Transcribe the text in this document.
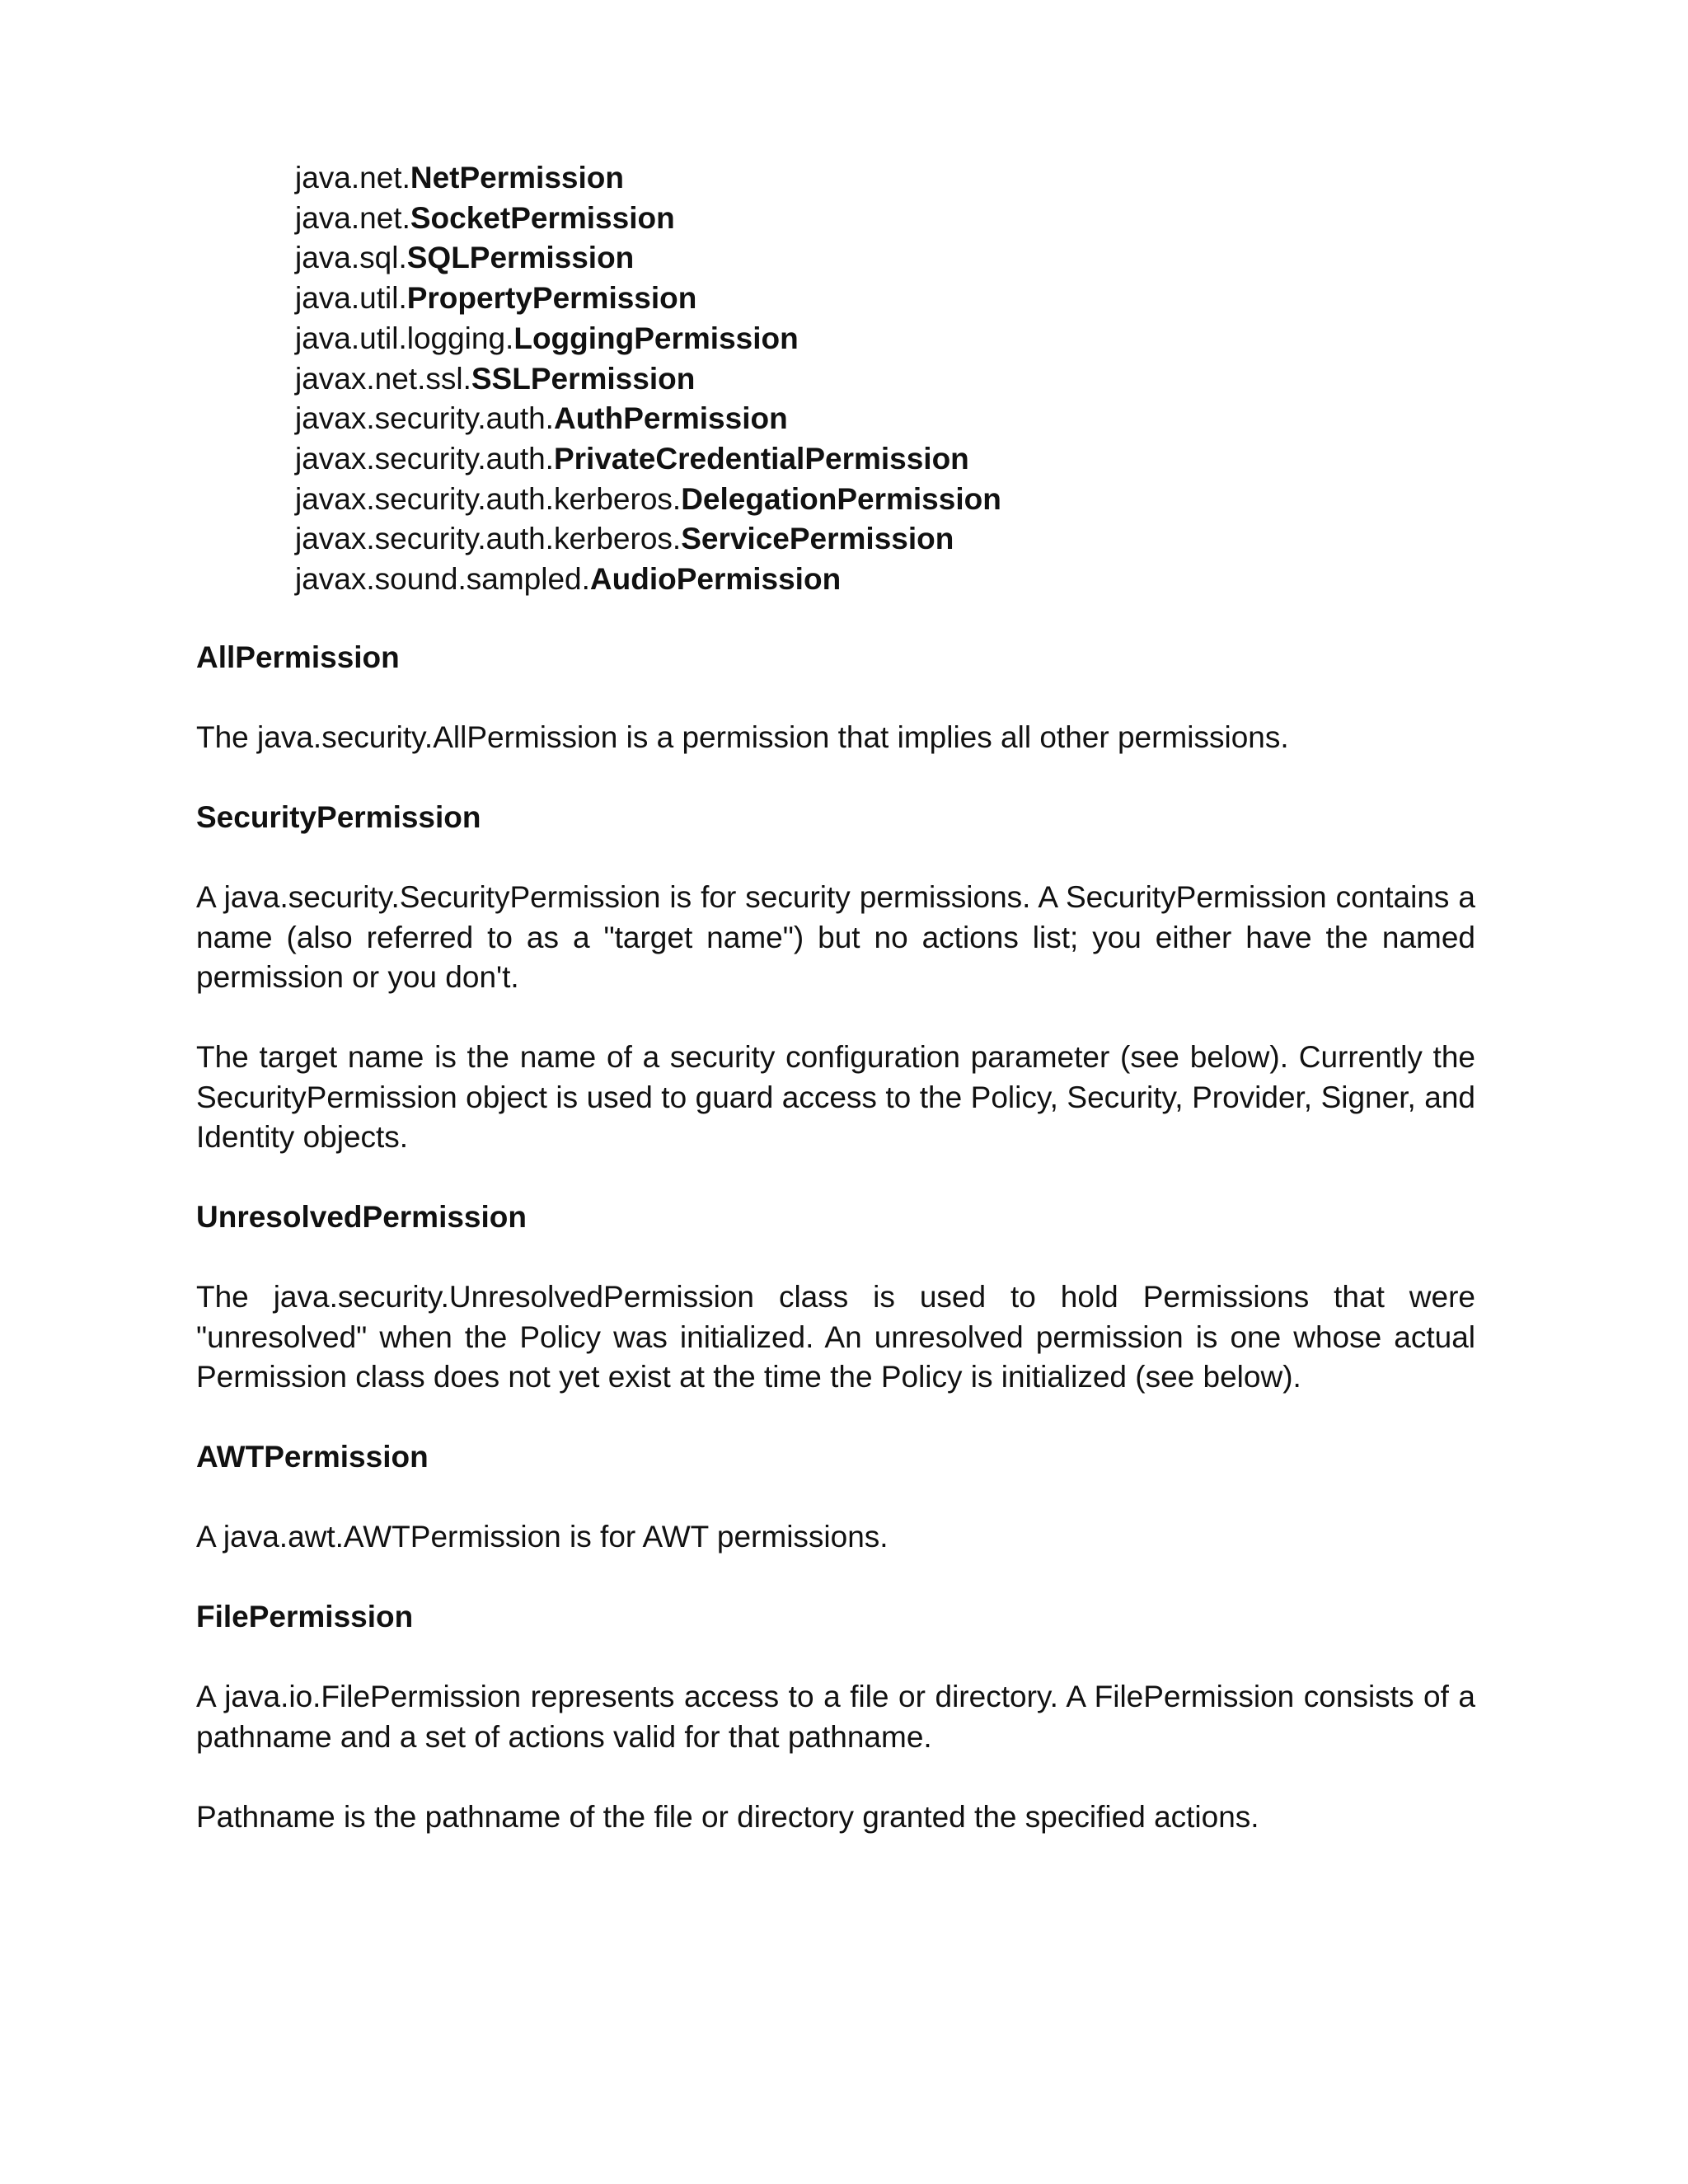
java.net.NetPermission
java.net.SocketPermission
java.sql.SQLPermission
java.util.PropertyPermission
java.util.logging.LoggingPermission
javax.net.ssl.SSLPermission
javax.security.auth.AuthPermission
javax.security.auth.PrivateCredentialPermission
javax.security.auth.kerberos.DelegationPermission
javax.security.auth.kerberos.ServicePermission
javax.sound.sampled.AudioPermission
AllPermission

The java.security.AllPermission is a permission that implies all other permissions.

SecurityPermission

A java.security.SecurityPermission is for security permissions. A SecurityPermission contains a name (also referred to as a "target name") but no actions list; you either have the named permission or you don't.

The target name is the name of a security configuration parameter (see below). Currently the SecurityPermission object is used to guard access to the Policy, Security, Provider, Signer, and Identity objects.

UnresolvedPermission

The java.security.UnresolvedPermission class is used to hold Permissions that were "unresolved" when the Policy was initialized. An unresolved permission is one whose actual Permission class does not yet exist at the time the Policy is initialized (see below).

AWTPermission

A java.awt.AWTPermission is for AWT permissions.

FilePermission

A java.io.FilePermission represents access to a file or directory. A FilePermission consists of a pathname and a set of actions valid for that pathname.

Pathname is the pathname of the file or directory granted the specified actions.
